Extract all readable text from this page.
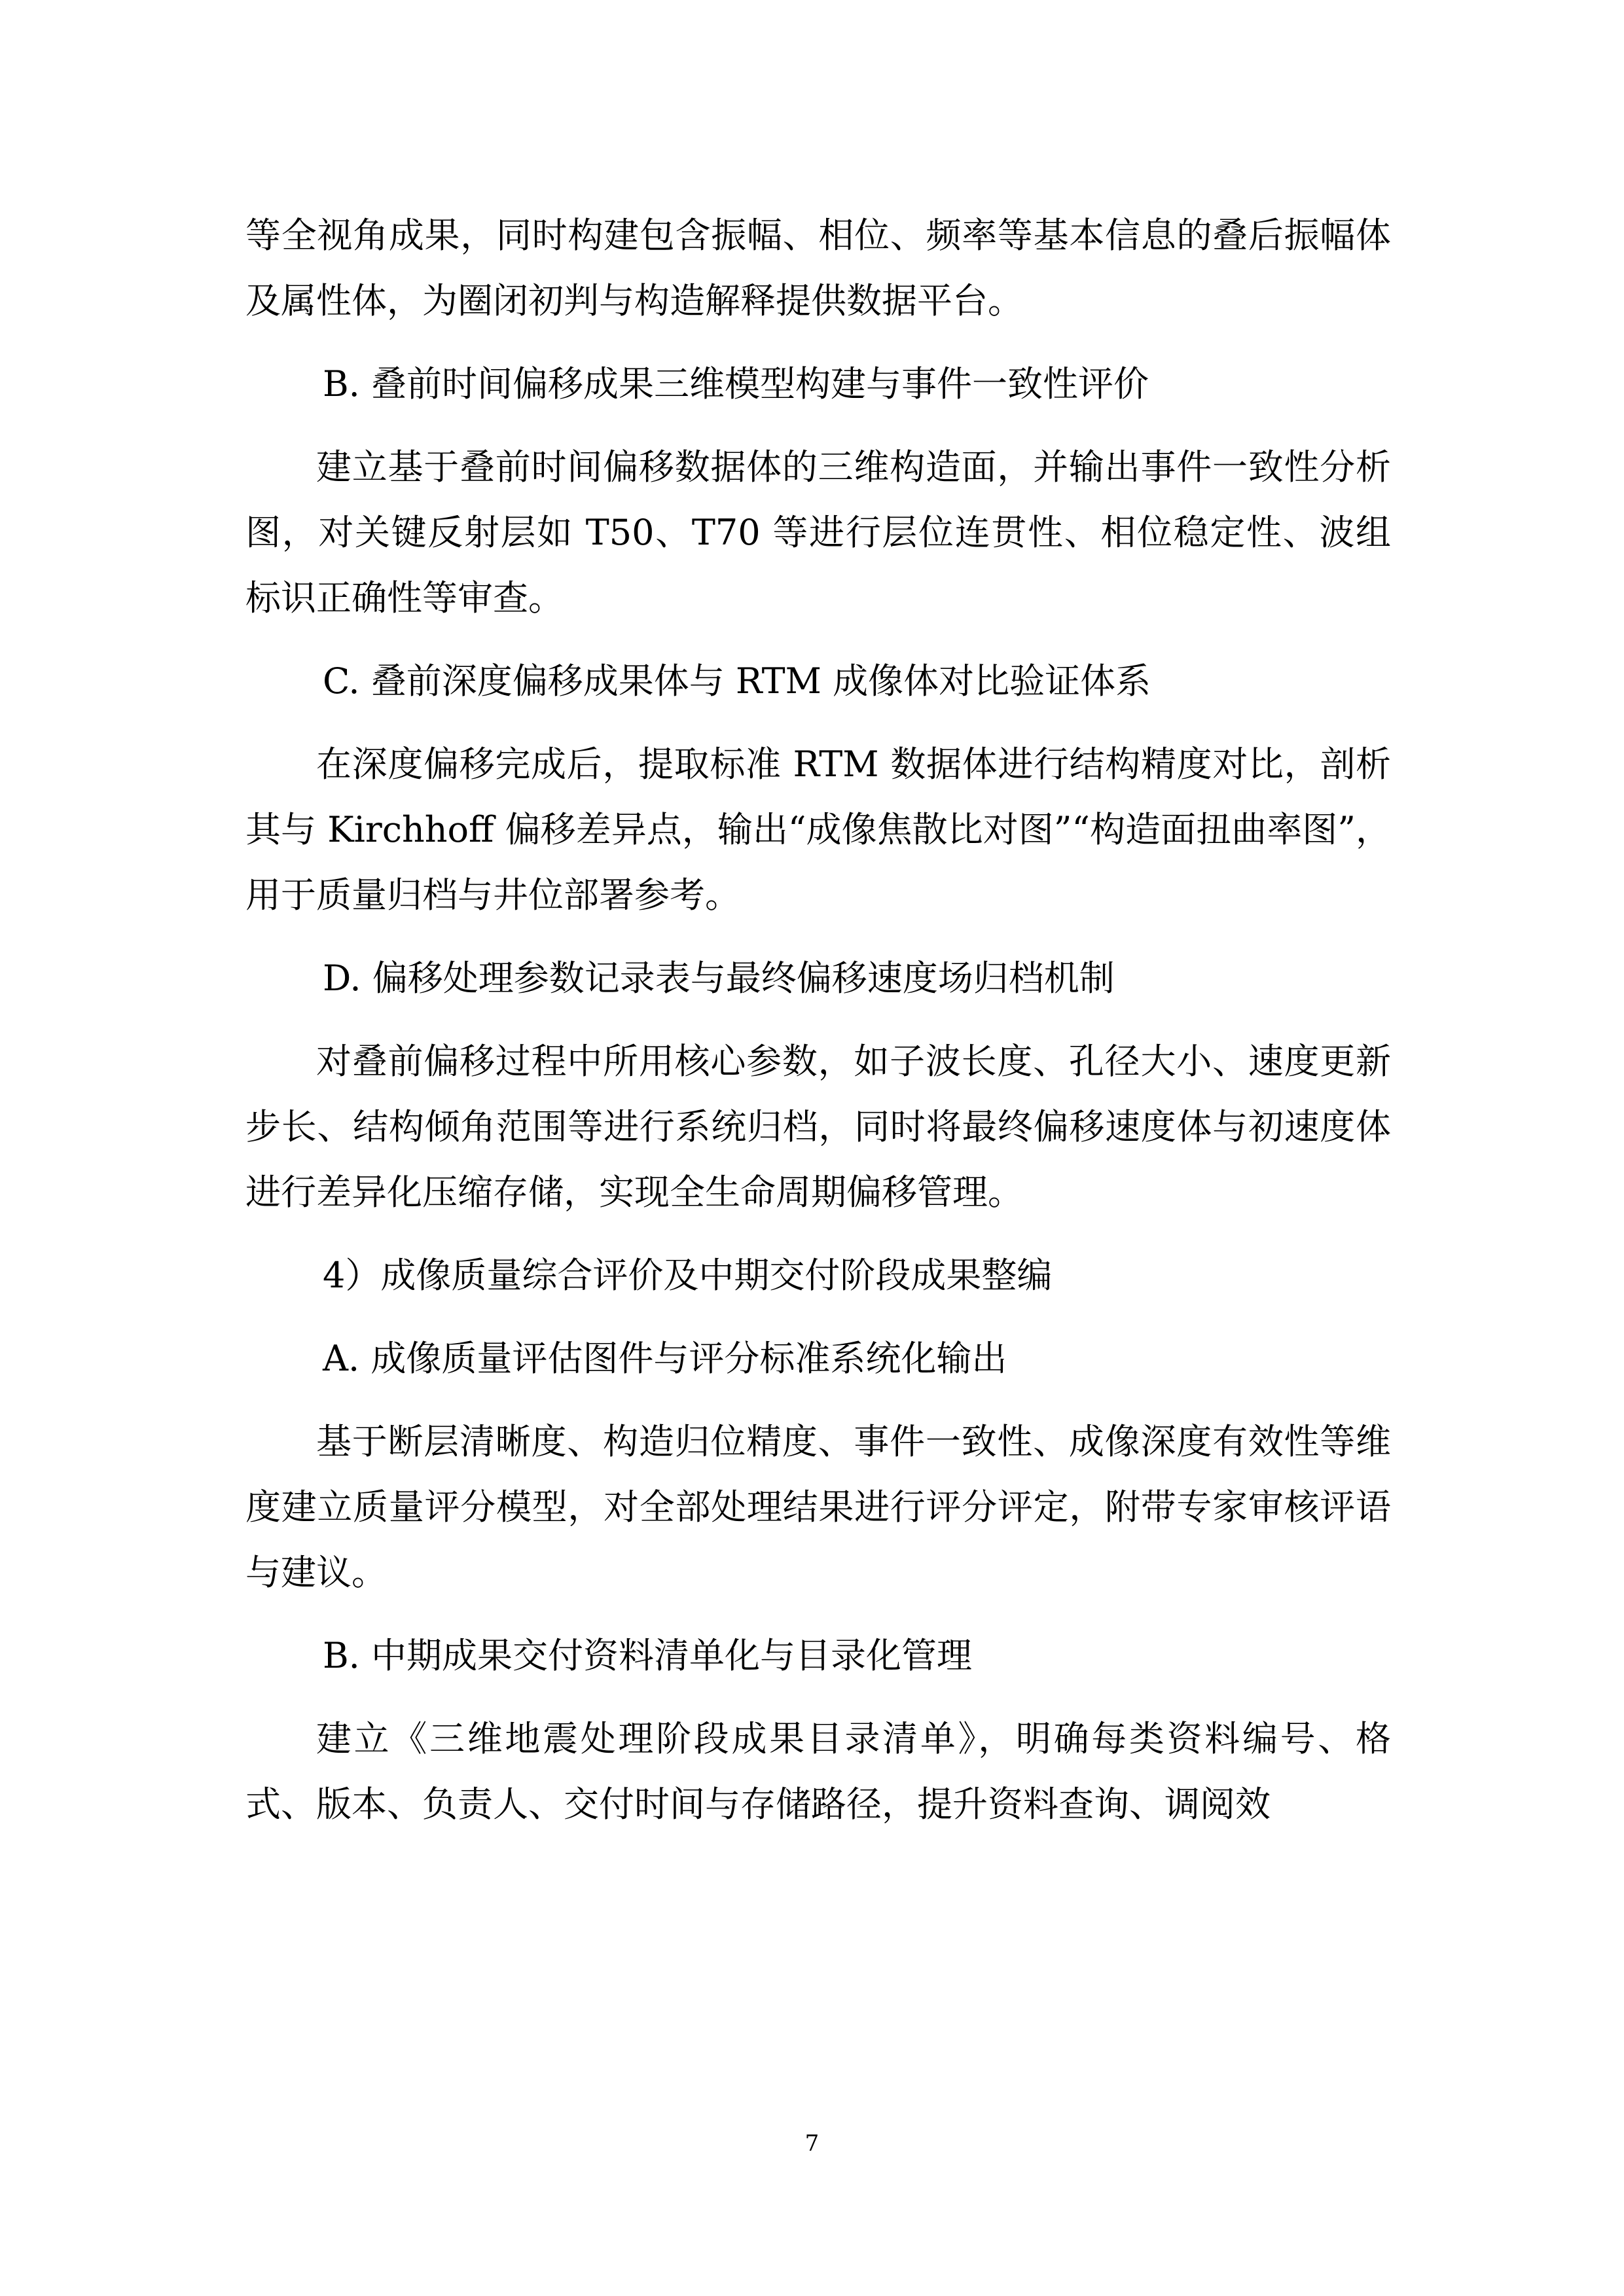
等全视角成果，同时构建包含振幅、相位、频率等基本信息的叠后振幅体及属性体，为圈闭初判与构造解释提供数据平台。

B. 叠前时间偏移成果三维模型构建与事件一致性评价

建立基于叠前时间偏移数据体的三维构造面，并输出事件一致性分析图，对关键反射层如 T50、T70 等进行层位连贯性、相位稳定性、波组标识正确性等审查。

C. 叠前深度偏移成果体与 RTM 成像体对比验证体系

在深度偏移完成后，提取标准 RTM 数据体进行结构精度对比，剖析其与 Kirchhoff 偏移差异点，输出“成像焦散比对图”“构造面扭曲率图”，用于质量归档与井位部署参考。

D. 偏移处理参数记录表与最终偏移速度场归档机制

对叠前偏移过程中所用核心参数，如子波长度、孔径大小、速度更新步长、结构倾角范围等进行系统归档，同时将最终偏移速度体与初速度体进行差异化压缩存储，实现全生命周期偏移管理。

4）成像质量综合评价及中期交付阶段成果整编

A. 成像质量评估图件与评分标准系统化输出

基于断层清晰度、构造归位精度、事件一致性、成像深度有效性等维度建立质量评分模型，对全部处理结果进行评分评定，附带专家审核评语与建议。

B. 中期成果交付资料清单化与目录化管理

建立《三维地震处理阶段成果目录清单》，明确每类资料编号、格式、版本、负责人、交付时间与存储路径，提升资料查询、调阅效

7
